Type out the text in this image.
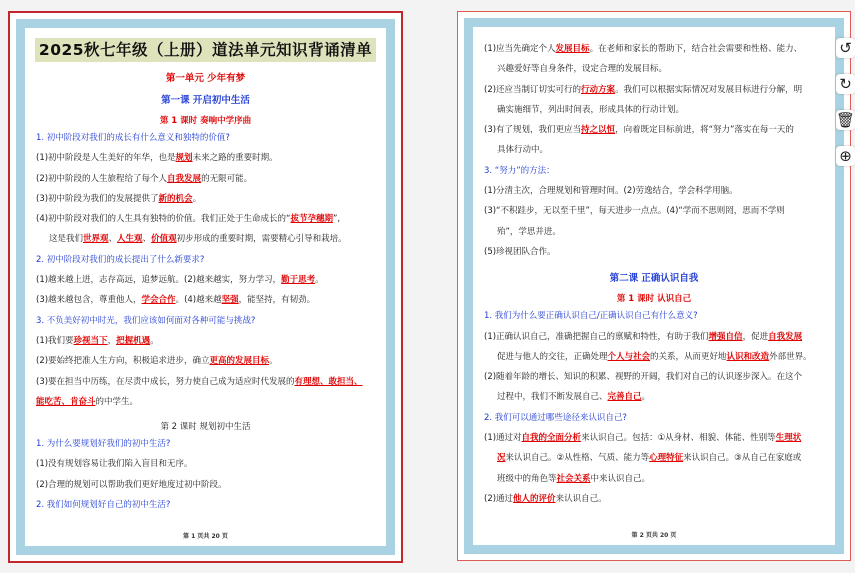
2025秋七年级（上册）道法单元知识背诵清单
第一单元 少年有梦
第一课 开启初中生活
第 1 课时 奏响中学序曲
1. 初中阶段对我们的成长有什么意义和独特的价值?
(1)初中阶段是人生美好的年华，也是规划未来之路的重要时期。
(2)初中阶段的人生旅程给了每个人自我发展的无限可能。
(3)初中阶段为我们的发展提供了新的机会。
(4)初中阶段对我们的人生具有独特的价值。我们正处于生命成长的“拔节孕穗期”,
这是我们世界观、人生观、价值观初步形成的重要时期，需要精心引导和栽培。
2. 初中阶段对我们的成长提出了什么新要求?
(1)越来越上进，志存高远，追梦远航。(2)越来越实，努力学习，勤于思考。
(3)越来越包含，尊重他人，学会合作。(4)越来越坚强，能坚持，有韧劲。
3. 不负美好初中时光，我们应该如何面对各种可能与挑战?
(1)我们要珍视当下，把握机遇。
(2)要始终把准人生方向，积极追求进步，确立更高的发展目标。
(3)要在担当中历练，在尽责中成长，努力使自己成为适应时代发展的有理想、敢担当、
能吃苦、肯奋斗的中学生。
第 2 课时 规划初中生活
1. 为什么要规划好我们的初中生活?
(1)没有规划容易让我们陷入盲目和无序。
(2)合理的规划可以帮助我们更好地度过初中阶段。
2. 我们如何规划好自己的初中生活?
第 1 页共 20 页
(1)应当先确定个人发展目标。在老师和家长的帮助下，结合社会需要和性格、能力、
兴趣爱好等自身条件，设定合理的发展目标。
(2)还应当制订切实可行的行动方案。我们可以根据实际情况对发展目标进行分解，明
确实施细节，列出时间表，形成具体的行动计划。
(3)有了规划，我们更应当持之以恒，向着既定目标前进，将“努力”落实在每一天的
具体行动中。
3. “努力”的方法：
(1)分清主次，合理规划和管理时间。(2)劳逸结合，学会科学用脑。
(3)“不积跬步，无以至千里”，每天进步一点点。(4)“学而不思则罔，思而不学则
殆”，学思并进。
(5)珍视团队合作。
第二课 正确认识自我
第 1 课时 认识自己
1. 我们为什么要正确认识自己/正确认识自己有什么意义?
(1)正确认识自己，准确把握自己的禀赋和特性，有助于我们增强自信，促进自我发展
促进与他人的交往，正确处理个人与社会的关系，从而更好地认识和改造外部世界。
(2)随着年龄的增长、知识的积累、视野的开阔，我们对自己的认识逐步深入。在这个
过程中，我们不断发展自己、完善自己。
2. 我们可以通过哪些途径来认识自己?
(1)通过对自我的全面分析来认识自己。包括：①从身材、相貌、体能、性别等生理状
况来认识自己。②从性格、气质、能力等心理特征来认识自己。③从自己在家庭或
班级中的角色等社会关系中来认识自己。
(2)通过他人的评价来认识自己。
第 2 页共 20 页
↺
↻
🗑
⊕
